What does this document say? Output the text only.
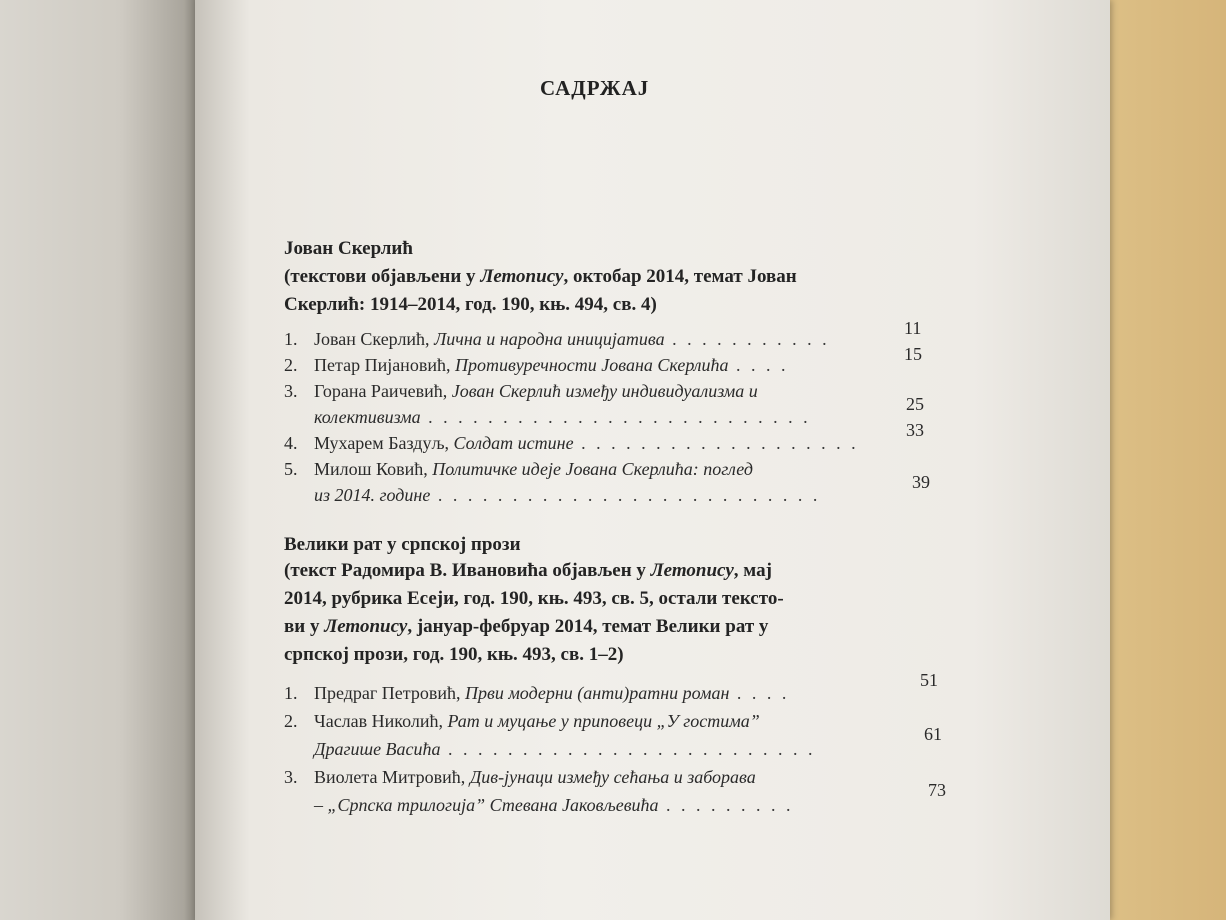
САДРЖАЈ
Јован Скерлић
(текстови објављени у Летопису, октобар 2014, темат Јован
Скерлић: 1914–2014, год. 190, књ. 494, св. 4)
1. Јован Скерлић, Лична и народна иницијатива . . . . . . . . . . .
11
2. Петар Пијановић, Противуречности Јована Скерлића . . . .
15
3. Горана Раичевић, Јован Скерлић између индивидуализма и
колективизма . . . . . . . . . . . . . . . . . . . . . . . . . .
25
4. Мухарем Баздуљ, Солдат истине . . . . . . . . . . . . . . . . . . .
33
5. Милош Ковић, Политичке идеје Јована Скерлића: поглед
из 2014. године . . . . . . . . . . . . . . . . . . . . . . . . . .
39
Велики рат у српској прози
(текст Радомира В. Ивановића објављен у Летопису, мај
2014, рубрика Есеји, год. 190, књ. 493, св. 5, остали тексто-
ви у Летопису, јануар-фебруар 2014, темат Велики рат у
српској прози, год. 190, књ. 493, св. 1–2)
1. Предраг Петровић, Први модерни (анти)ратни роман . . . .
51
2. Часлав Николић, Рат и муцање у приповеци „У гостима”
Драгише Васића . . . . . . . . . . . . . . . . . . . . . . . . .
61
3. Виолета Митровић, Див-јунаци између сећања и заборава
– „Српска трилогија” Стевана Јаковљевића . . . . . . . . .
73
